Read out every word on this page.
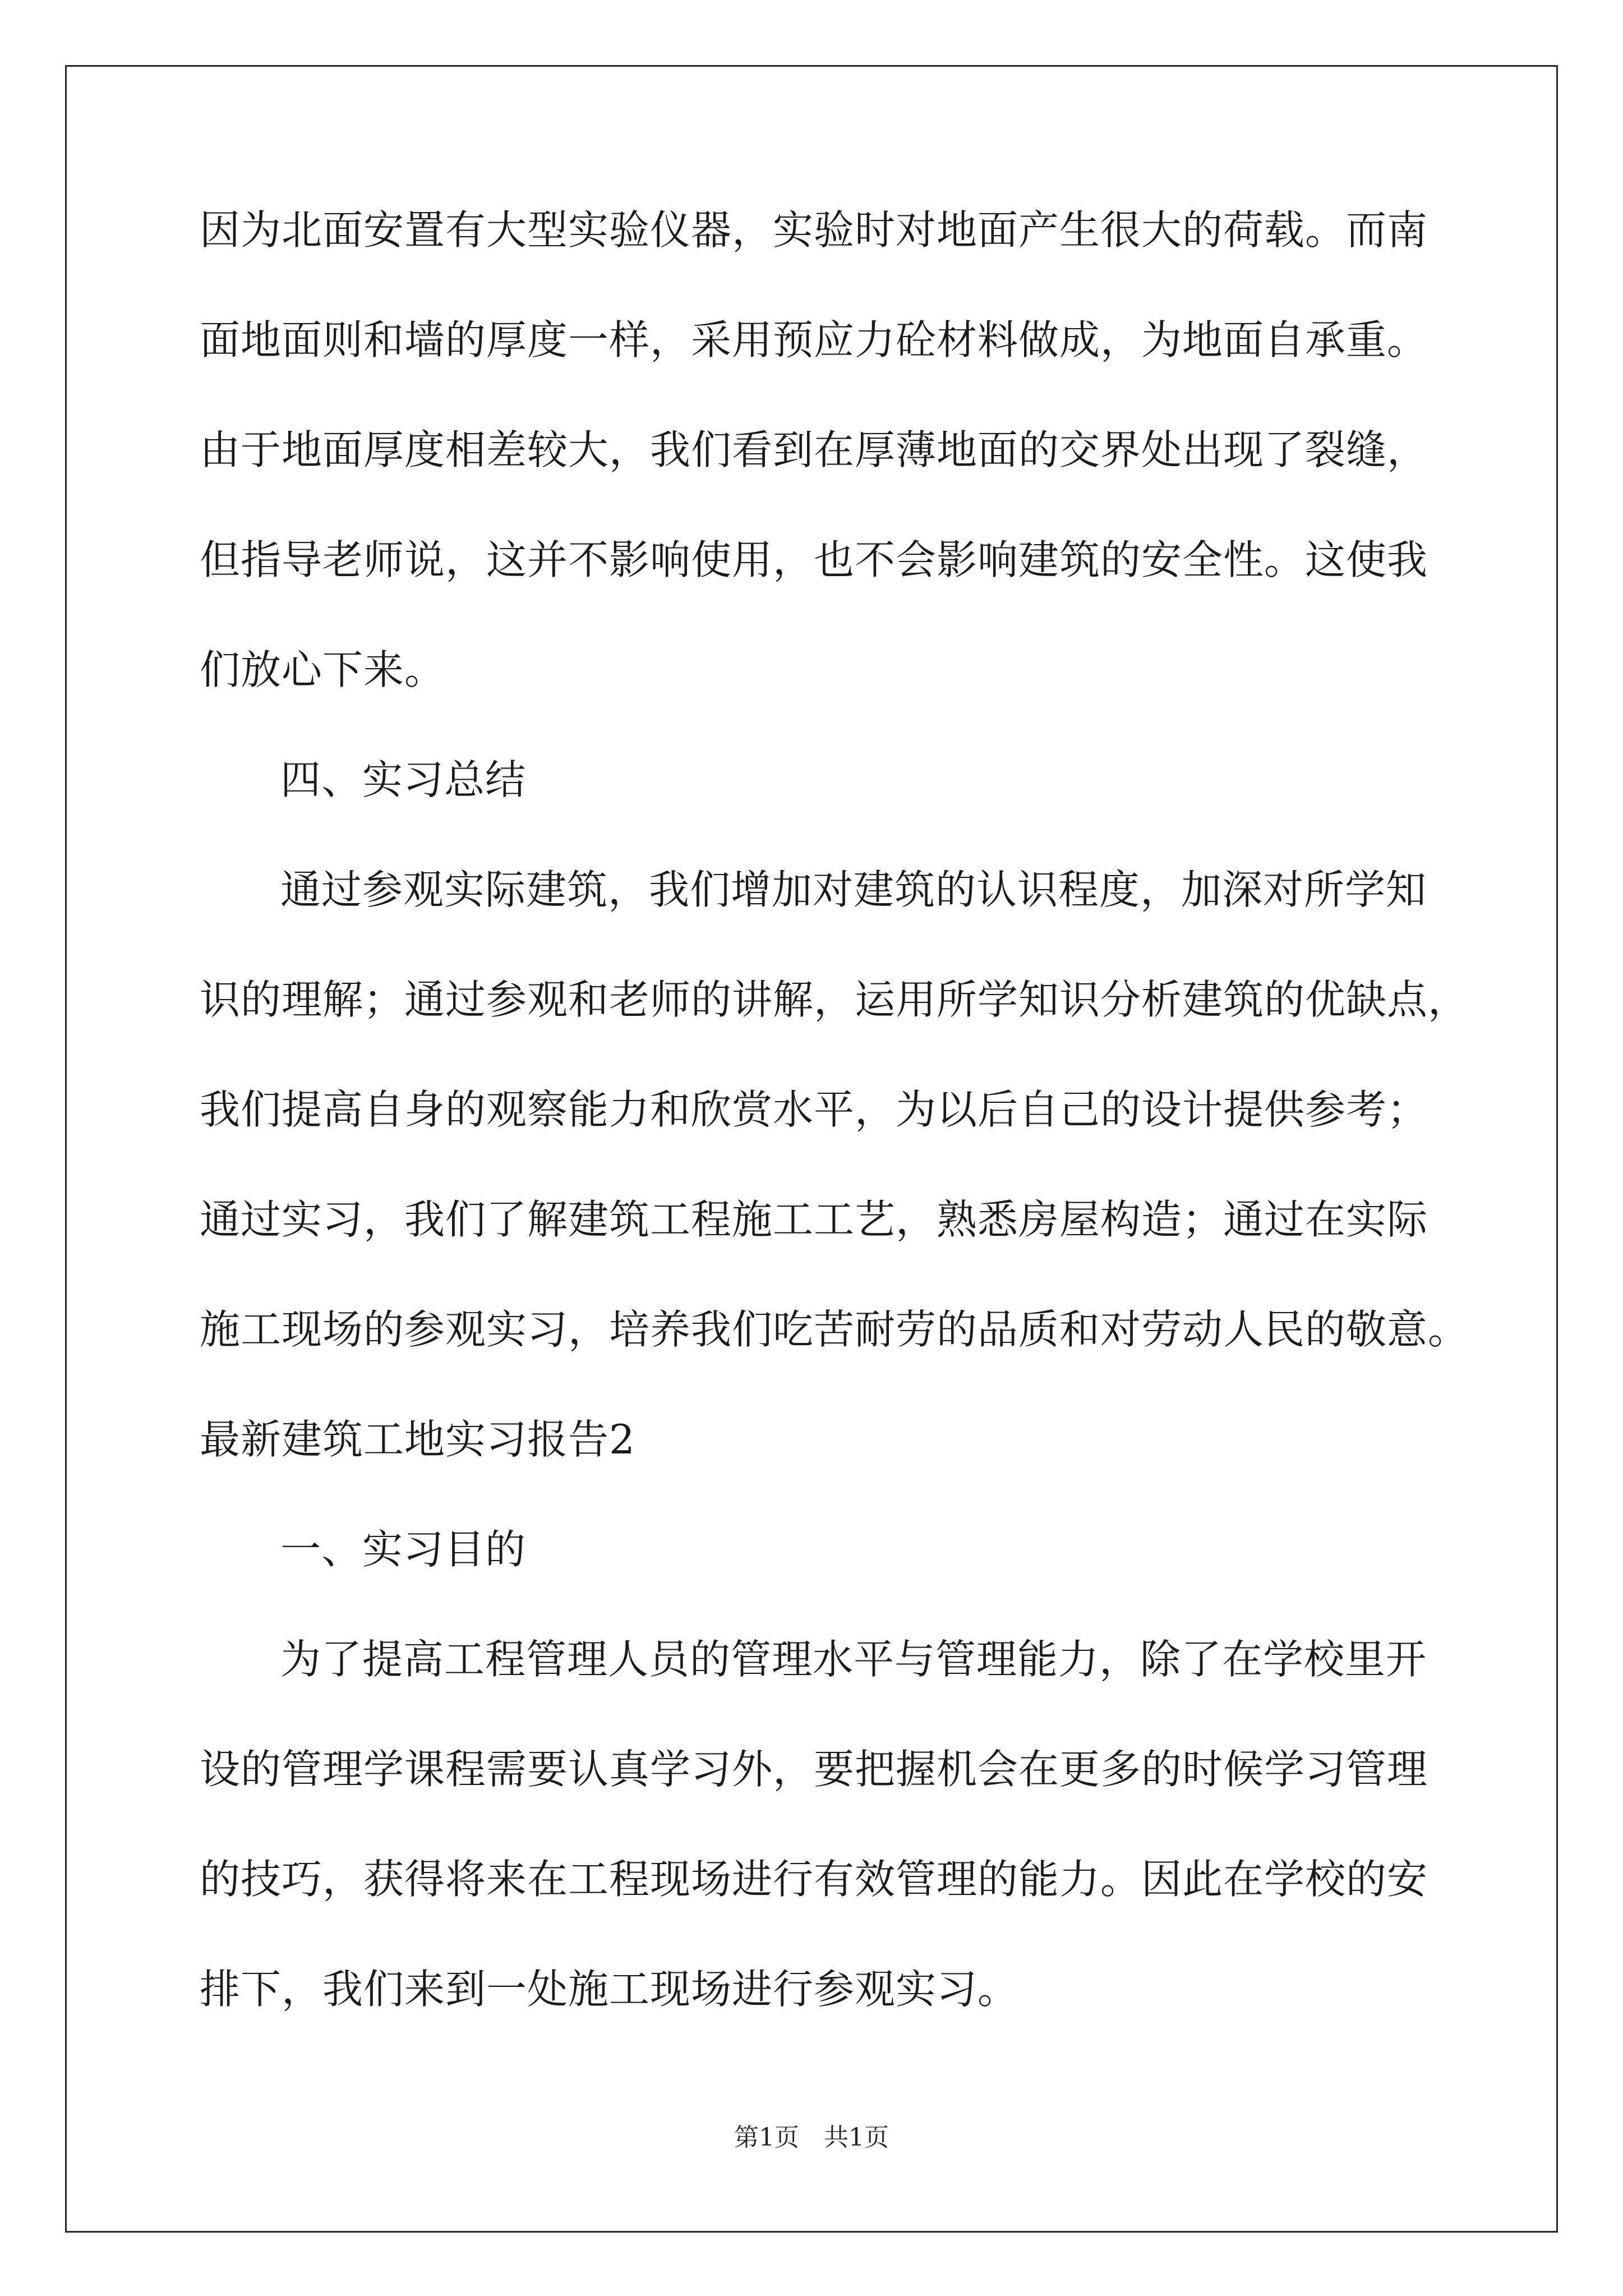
因为北面安置有大型实验仪器，实验时对地面产生很大的荷载。而南
面地面则和墙的厚度一样，采用预应力砼材料做成，为地面自承重。
由于地面厚度相差较大，我们看到在厚薄地面的交界处出现了裂缝，
但指导老师说，这并不影响使用，也不会影响建筑的安全性。这使我
们放心下来。
四、实习总结
通过参观实际建筑，我们增加对建筑的认识程度，加深对所学知
识的理解；通过参观和老师的讲解，运用所学知识分析建筑的优缺点，
我们提高自身的观察能力和欣赏水平，为以后自己的设计提供参考；
通过实习，我们了解建筑工程施工工艺，熟悉房屋构造；通过在实际
施工现场的参观实习，培养我们吃苦耐劳的品质和对劳动人民的敬意。
最新建筑工地实习报告2
一、实习目的
为了提高工程管理人员的管理水平与管理能力，除了在学校里开
设的管理学课程需要认真学习外，要把握机会在更多的时候学习管理
的技巧，获得将来在工程现场进行有效管理的能力。因此在学校的安
排下，我们来到一处施工现场进行参观实习。
第1页 共1页
